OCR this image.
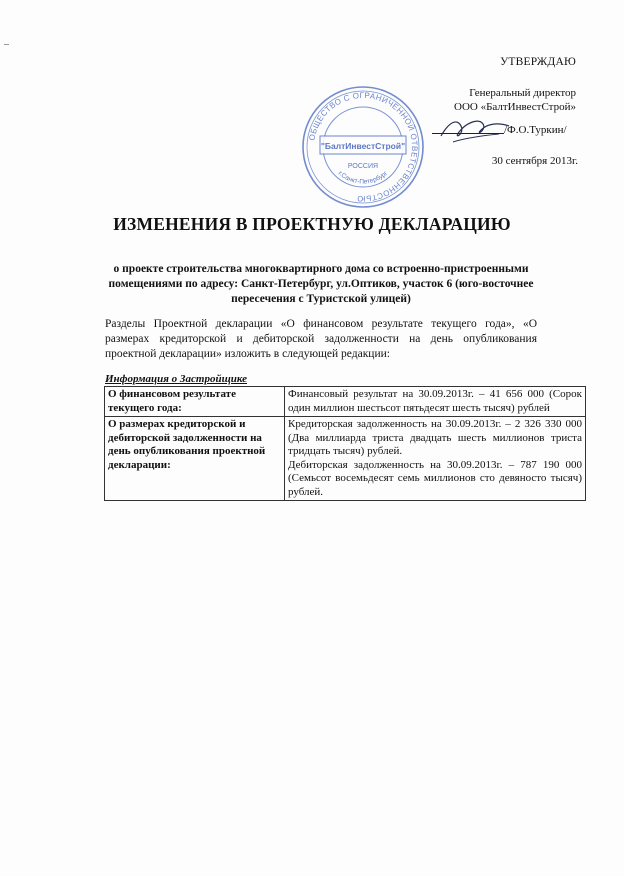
УТВЕРЖДАЮ
Генеральный директор
ООО «БалтИнвестСтрой»
ОБЩЕСТВО С ОГРАНИЧЕННОЙ ОТВЕТСТВЕННОСТЬЮ
"БалтИнвестСтрой"
РОССИЯ
г.Санкт-Петербург
/Ф.О.Туркин/
30 сентября 2013г.
ИЗМЕНЕНИЯ В ПРОЕКТНУЮ ДЕКЛАРАЦИЮ
о проекте строительства многоквартирного дома со встроенно-пристроенными помещениями по адресу: Санкт-Петербург, ул.Оптиков, участок 6 (юго-восточнее пересечения с Туристской улицей)
Разделы Проектной декларации «О финансовом результате текущего года», «О размерах кредиторской и дебиторской задолженности на день опубликования проектной декларации» изложить в следующей редакции:
Информация о Застройщике
О финансовом результате текущего года:	Финансовый результат на 30.09.2013г. – 41 656 000 (Сорок один миллион шестьсот пятьдесят шесть тысяч) рублей
О размерах кредиторской и дебиторской задолженности на день опубликования проектной декларации:	Кредиторская задолженность на 30.09.2013г. – 2 326 330 000 (Два миллиарда триста двадцать шесть миллионов триста тридцать тысяч) рублей.
Дебиторская задолженность на 30.09.2013г. – 787 190 000 (Семьсот восемьдесят семь миллионов сто девяносто тысяч) рублей.
